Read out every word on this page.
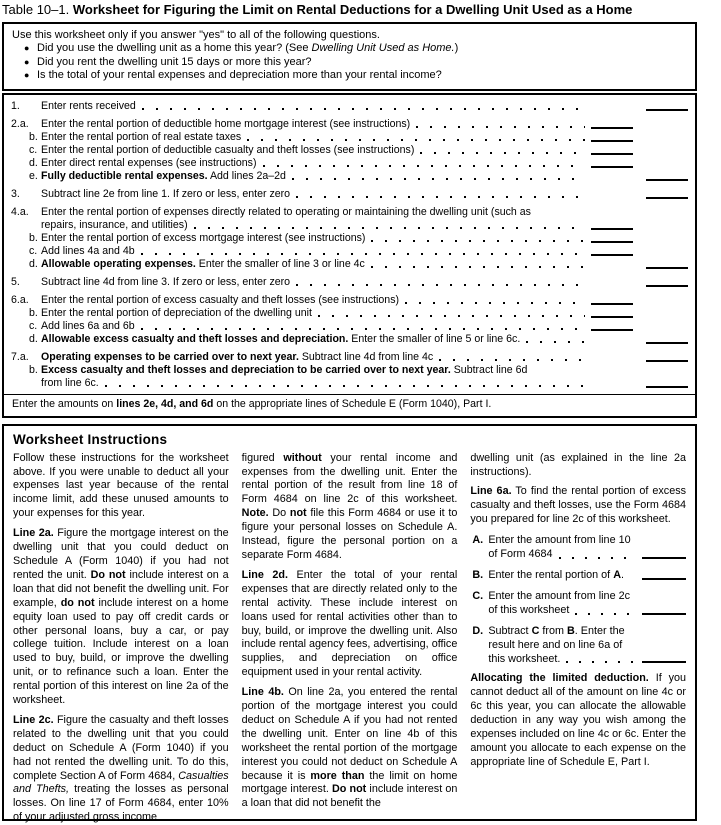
Table 10–1. Worksheet for Figuring the Limit on Rental Deductions for a Dwelling Unit Used as a Home
Use this worksheet only if you answer "yes" to all of the following questions.
● Did you use the dwelling unit as a home this year? (See Dwelling Unit Used as Home.)
● Did you rent the dwelling unit 15 days or more this year?
● Is the total of your rental expenses and depreciation more than your rental income?
1.	Enter rents received
2.a.	Enter the rental portion of deductible home mortgage interest (see instructions)
b. Enter the rental portion of real estate taxes
c. Enter the rental portion of deductible casualty and theft losses (see instructions)
d. Enter direct rental expenses (see instructions)
e. Fully deductible rental expenses. Add lines 2a–2d
3.	Subtract line 2e from line 1. If zero or less, enter zero
4.a.	Enter the rental portion of expenses directly related to operating or maintaining the dwelling unit (such as
repairs, insurance, and utilities)
b. Enter the rental portion of excess mortgage interest (see instructions)
c. Add lines 4a and 4b
d. Allowable operating expenses. Enter the smaller of line 3 or line 4c
5.	Subtract line 4d from line 3. If zero or less, enter zero
6.a.	Enter the rental portion of excess casualty and theft losses (see instructions)
b. Enter the rental portion of depreciation of the dwelling unit
c. Add lines 6a and 6b
d. Allowable excess casualty and theft losses and depreciation. Enter the smaller of line 5 or line 6c.
7.a.	Operating expenses to be carried over to next year. Subtract line 4d from line 4c
b. Excess casualty and theft losses and depreciation to be carried over to next year. Subtract line 6d
from line 6c.
Enter the amounts on lines 2e, 4d, and 6d on the appropriate lines of Schedule E (Form 1040), Part I.
Worksheet Instructions
Follow these instructions for the worksheet above. If you were unable to deduct all your expenses last year because of the rental income limit, add these unused amounts to your expenses for this year.
Line 2a. Figure the mortgage interest on the dwelling unit that you could deduct on Schedule A (Form 1040) if you had not rented the unit. Do not include interest on a loan that did not benefit the dwelling unit. For example, do not include interest on a home equity loan used to pay off credit cards or other personal loans, buy a car, or pay college tuition. Include interest on a loan used to buy, build, or improve the dwelling unit, or to refinance such a loan. Enter the rental portion of this interest on line 2a of the worksheet.
Line 2c. Figure the casualty and theft losses related to the dwelling unit that you could deduct on Schedule A (Form 1040) if you had not rented the dwelling unit. To do this, complete Section A of Form 4684, Casualties and Thefts, treating the losses as personal losses. On line 17 of Form 4684, enter 10% of your adjusted gross income
figured without your rental income and expenses from the dwelling unit. Enter the rental portion of the result from line 18 of Form 4684 on line 2c of this worksheet. Note. Do not file this Form 4684 or use it to figure your personal losses on Schedule A. Instead, figure the personal portion on a separate Form 4684.
Line 2d. Enter the total of your rental expenses that are directly related only to the rental activity. These include interest on loans used for rental activities other than to buy, build, or improve the dwelling unit. Also include rental agency fees, advertising, office supplies, and depreciation on office equipment used in your rental activity.
Line 4b. On line 2a, you entered the rental portion of the mortgage interest you could deduct on Schedule A if you had not rented the dwelling unit. Enter on line 4b of this worksheet the rental portion of the mortgage interest you could not deduct on Schedule A because it is more than the limit on home mortgage interest. Do not include interest on a loan that did not benefit the
dwelling unit (as explained in the line 2a instructions).
Line 6a. To find the rental portion of excess casualty and theft losses, use the Form 4684 you prepared for line 2c of this worksheet.
A. Enter the amount from line 10
of Form 4684
B. Enter the rental portion of A.
C. Enter the amount from line 2c
of this worksheet
D. Subtract C from B. Enter the
result here and on line 6a of
this worksheet.
Allocating the limited deduction. If you cannot deduct all of the amount on line 4c or 6c this year, you can allocate the allowable deduction in any way you wish among the expenses included on line 4c or 6c. Enter the amount you allocate to each expense on the appropriate line of Schedule E, Part I.
